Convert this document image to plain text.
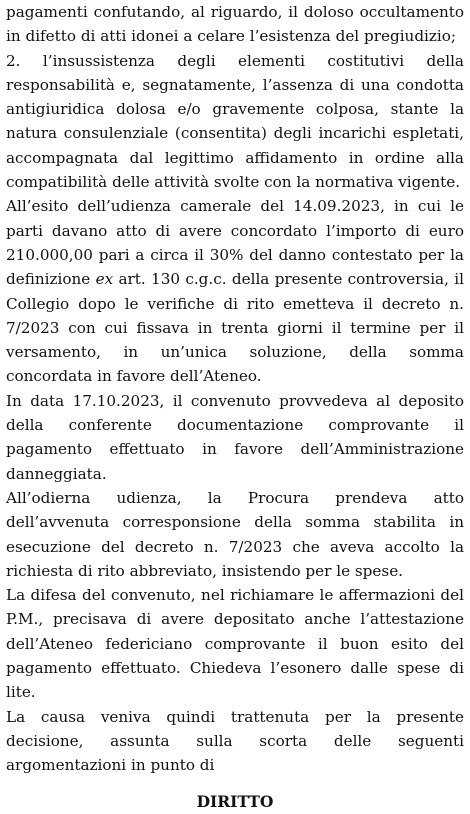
pagamenti confutando, al riguardo, il doloso occultamento in difetto di atti idonei a celare l’esistenza del pregiudizio;

2. l’insussistenza degli elementi costitutivi della responsabilità e, segnatamente, l’assenza di una condotta antigiuridica dolosa e/o gravemente colposa, stante la natura consulenziale (consentita) degli incarichi espletati, accompagnata dal legittimo affidamento in ordine alla compatibilità delle attività svolte con la normativa vigente.

All’esito dell’udienza camerale del 14.09.2023, in cui le parti davano atto di avere concordato l’importo di euro 210.000,00 pari a circa il 30% del danno contestato per la definizione ex art. 130 c.g.c. della presente controversia, il Collegio dopo le verifiche di rito emetteva il decreto n. 7/2023 con cui fissava in trenta giorni il termine per il versamento, in un’unica soluzione, della somma concordata in favore dell’Ateneo.

In data 17.10.2023, il convenuto provvedeva al deposito della conferente documentazione comprovante il pagamento effettuato in favore dell’Amministrazione danneggiata.

All’odierna udienza, la Procura prendeva atto dell’avvenuta corresponsione della somma stabilita in esecuzione del decreto n. 7/2023 che aveva accolto la richiesta di rito abbreviato, insistendo per le spese.

La difesa del convenuto, nel richiamare le affermazioni del P.M., precisava di avere depositato anche l’attestazione dell’Ateneo federiciano comprovante il buon esito del pagamento effettuato. Chiedeva l’esonero dalle spese di lite.

La causa veniva quindi trattenuta per la presente decisione, assunta sulla scorta delle seguenti argomentazioni in punto di

DIRITTO
